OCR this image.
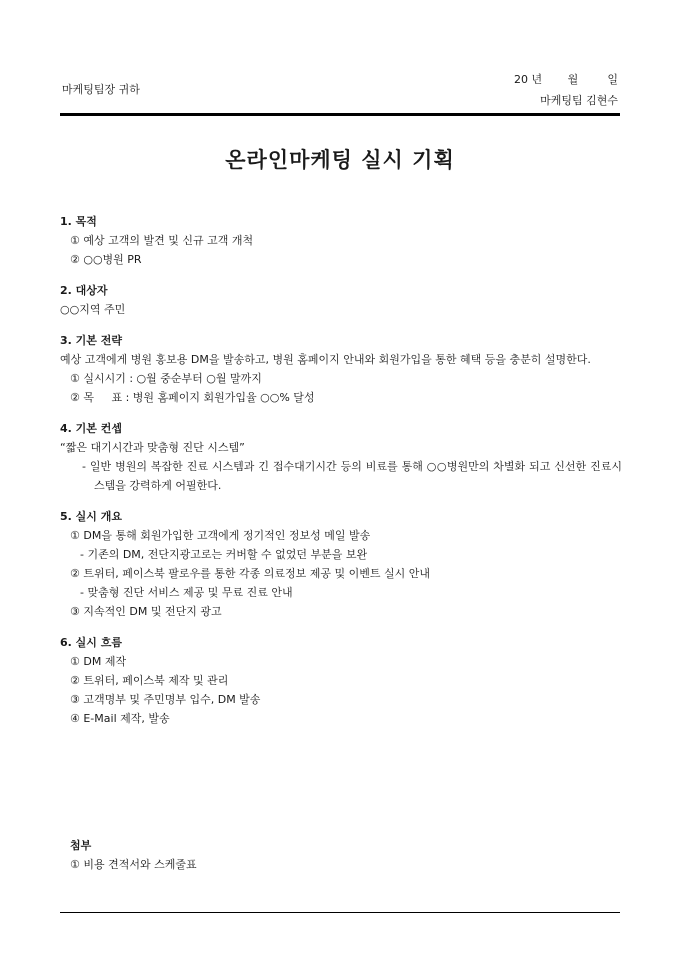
마케팅팀장 귀하
20 년	월	일
마케팅팀 김현수
온라인마케팅 실시 기획
1. 목적
① 예상 고객의 발견 및 신규 고객 개척
② ○○병원 PR
2. 대상자
○○지역 주민
3. 기본 전략
예상 고객에게 병원 홍보용 DM을 발송하고, 병원 홈페이지 안내와 회원가입을 통한 혜택 등을 충분히 설명한다.
① 실시시기 : ○월 중순부터 ○월 말까지
② 목     표 : 병원 홈페이지 회원가입율 ○○% 달성
4. 기본 컨셉
“짧은 대기시간과 맞춤형 진단 시스템”
- 일반 병원의 복잡한 진료 시스템과 긴 접수대기시간 등의 비료를 통해 ○○병원만의 차별화 되고 신선한 진료시스템을 강력하게 어필한다.
5. 실시 개요
① DM을 통해 회원가입한 고객에게 정기적인 정보성 메일 발송
- 기존의 DM, 전단지광고로는 커버할 수 없었던 부분을 보완
② 트위터, 페이스북 팔로우를 통한 각종 의료정보 제공 및 이벤트 실시 안내
- 맞춤형 진단 서비스 제공 및 무료 진료 안내
③ 지속적인 DM 및 전단지 광고
6. 실시 흐름
① DM 제작
② 트위터, 페이스북 제작 및 관리
③ 고객명부 및 주민명부 입수, DM 발송
④ E-Mail 제작, 발송
첨부
① 비용 견적서와 스케줄표
